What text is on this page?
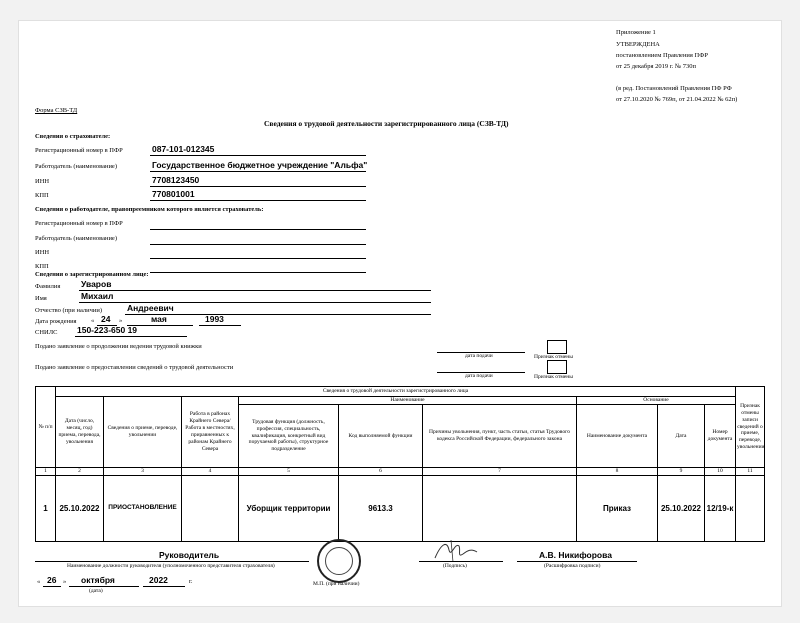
Приложение 1
УТВЕРЖДЕНА
постановлением Правления ПФР
от 25 декабря 2019 г. № 730п
(в ред. Постановлений Правления ПФ РФ
от 27.10.2020 № 769п, от 21.04.2022 № 62п)
Форма СЗВ-ТД
Сведения о трудовой деятельности зарегистрированного лица (СЗВ-ТД)
Сведения о страхователе:
Регистрационный номер в ПФР	087-101-012345
Работодатель (наименование)	Государственное бюджетное учреждение "Альфа"
ИНН	7708123450
КПП	770801001
Сведения о работодателе, правопреемником которого является страхователь:
Регистрационный номер в ПФР
Работодатель (наименование)
ИНН
КПП
Сведения о зарегистрированном лице:
Фамилия Уваров
Имя	Михаил
Отчество (при наличии)	Андреевич
Дата рождения « 24 »	мая	1993
СНИЛС 150-223-650 19
Подано заявление о продолжении ведения трудовой книжки
дата подачи	Признак отмены
Подано заявление о предоставлении сведений о трудовой деятельности
дата подачи	Признак отмены
№ п/п	Сведения о трудовой деятельности зарегистрированного лица									Признак отмены записи сведений о приеме, переводе, увольнении
	Дата (число, месяц, год) приема, перевода, увольнения	Сведения о приеме, переводе, увольнении	Работа в районах Крайнего Севера/Работа в местностях, приравненных к районам Крайнего Севера	Наименование			Основание			
				Трудовая функция (должность, профессия, специальность, квалификация, конкретный вид поручаемой работы), структурное подразделение	Код выполняемой функции	Причины увольнения, пункт, часть статьи, статья Трудового кодекса Российской Федерации, федерального закона	Наименование документа	Дата	Номер документа	
1	2	3	4	5	6	7	8	9	10	11
1	25.10.2022	ПРИОСТАНОВЛЕНИЕ		Уборщик территории	9613.3		Приказ	25.10.2022	12/19-к	
Руководитель
Наименование должности руководителя (уполномоченного представителя страхователя)	(Подпись)
А.В. Никифорова
(Расшифровка подписи)
« 26 » октября	2022	г.
(дата)
М.П. (при наличии)
